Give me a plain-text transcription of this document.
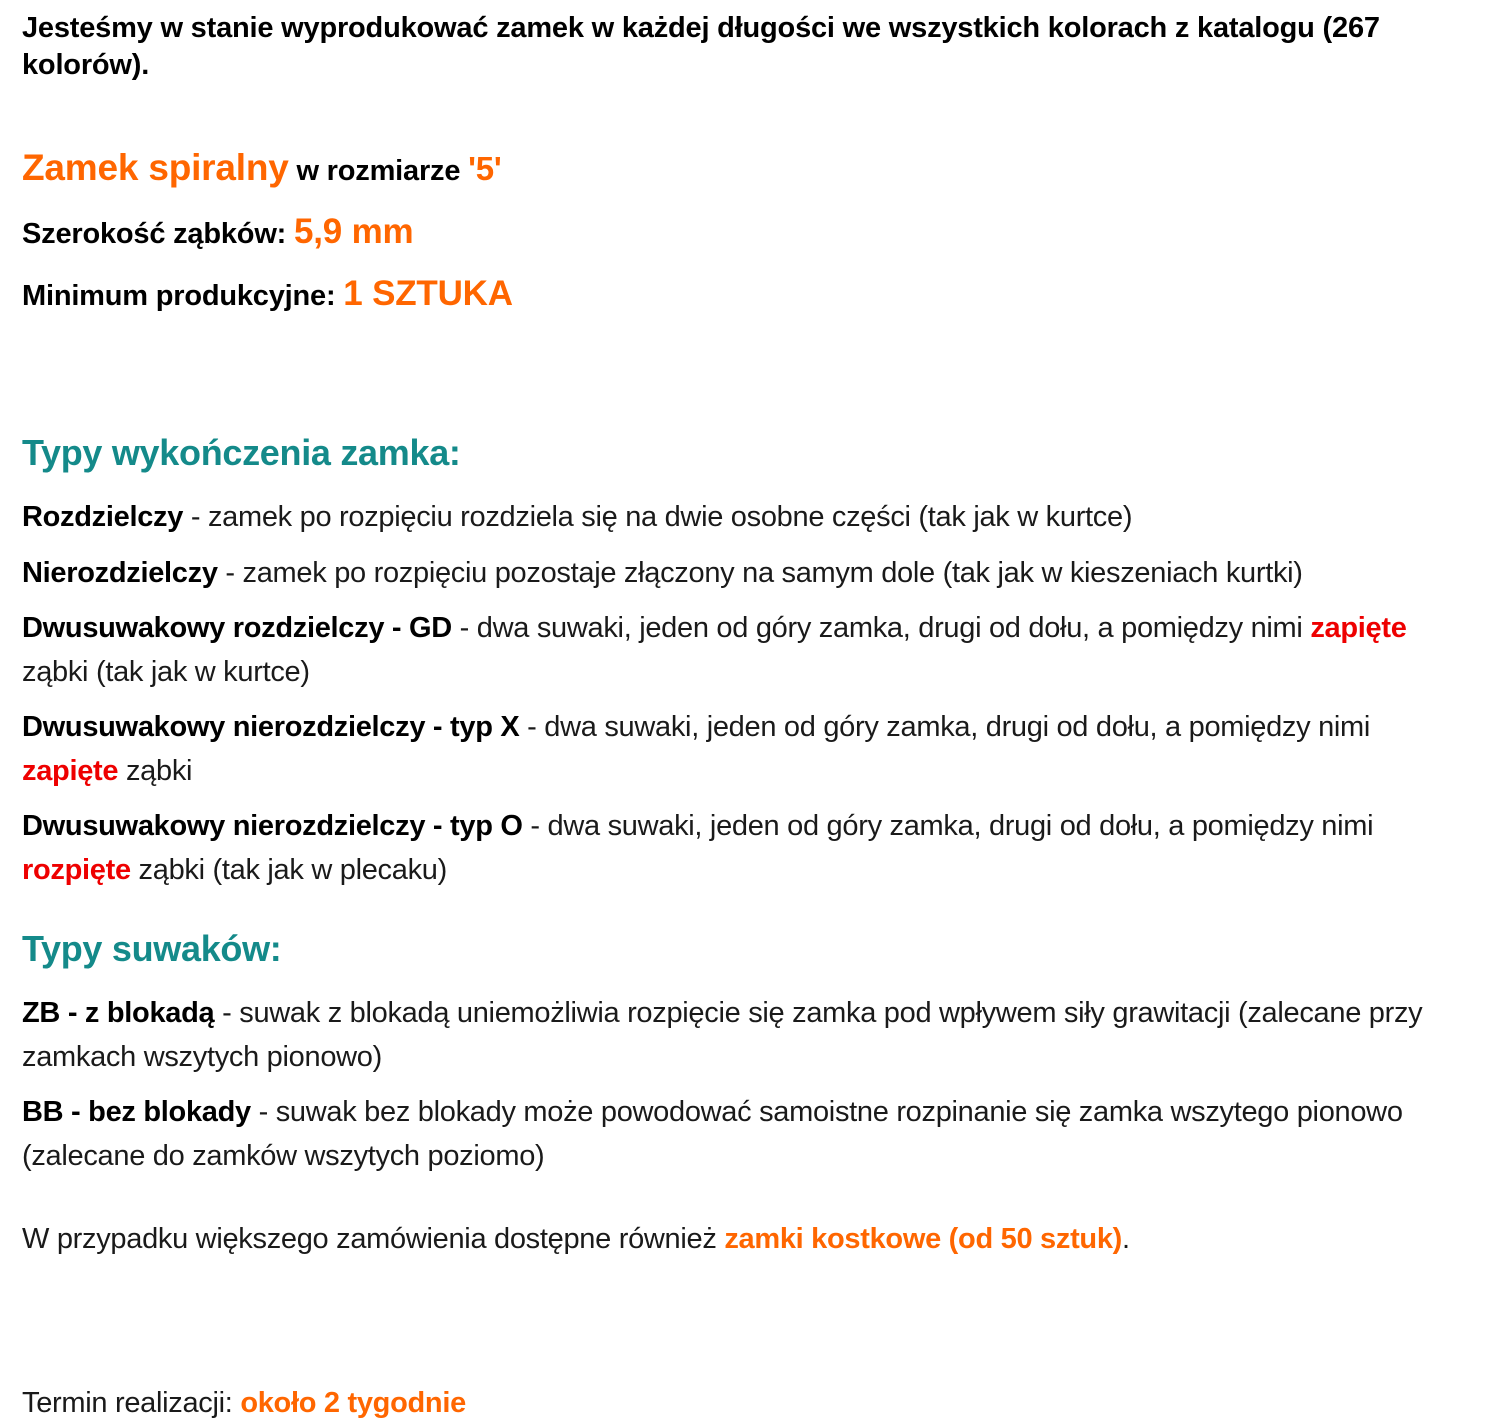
Jesteśmy w stanie wyprodukować zamek w każdej długości we wszystkich kolorach z katalogu (267 kolorów).

Zamek spiralny w rozmiarze '5'

Szerokość ząbków: 5,9 mm

Minimum produkcyjne: 1 SZTUKA

Typy wykończenia zamka:

Rozdzielczy - zamek po rozpięciu rozdziela się na dwie osobne części (tak jak w kurtce)

Nierozdzielczy - zamek po rozpięciu pozostaje złączony na samym dole (tak jak w kieszeniach kurtki)

Dwusuwakowy rozdzielczy - GD - dwa suwaki, jeden od góry zamka, drugi od dołu, a pomiędzy nimi zapięte ząbki (tak jak w kurtce)

Dwusuwakowy nierozdzielczy - typ X - dwa suwaki, jeden od góry zamka, drugi od dołu, a pomiędzy nimi zapięte ząbki

Dwusuwakowy nierozdzielczy - typ O - dwa suwaki, jeden od góry zamka, drugi od dołu, a pomiędzy nimi rozpięte ząbki (tak jak w plecaku)

Typy suwaków:

ZB - z blokadą - suwak z blokadą uniemożliwia rozpięcie się zamka pod wpływem siły grawitacji (zalecane przy zamkach wszytych pionowo)

BB - bez blokady - suwak bez blokady może powodować samoistne rozpinanie się zamka wszytego pionowo (zalecane do zamków wszytych poziomo)

W przypadku większego zamówienia dostępne również zamki kostkowe (od 50 sztuk).

Termin realizacji: około 2 tygodnie
